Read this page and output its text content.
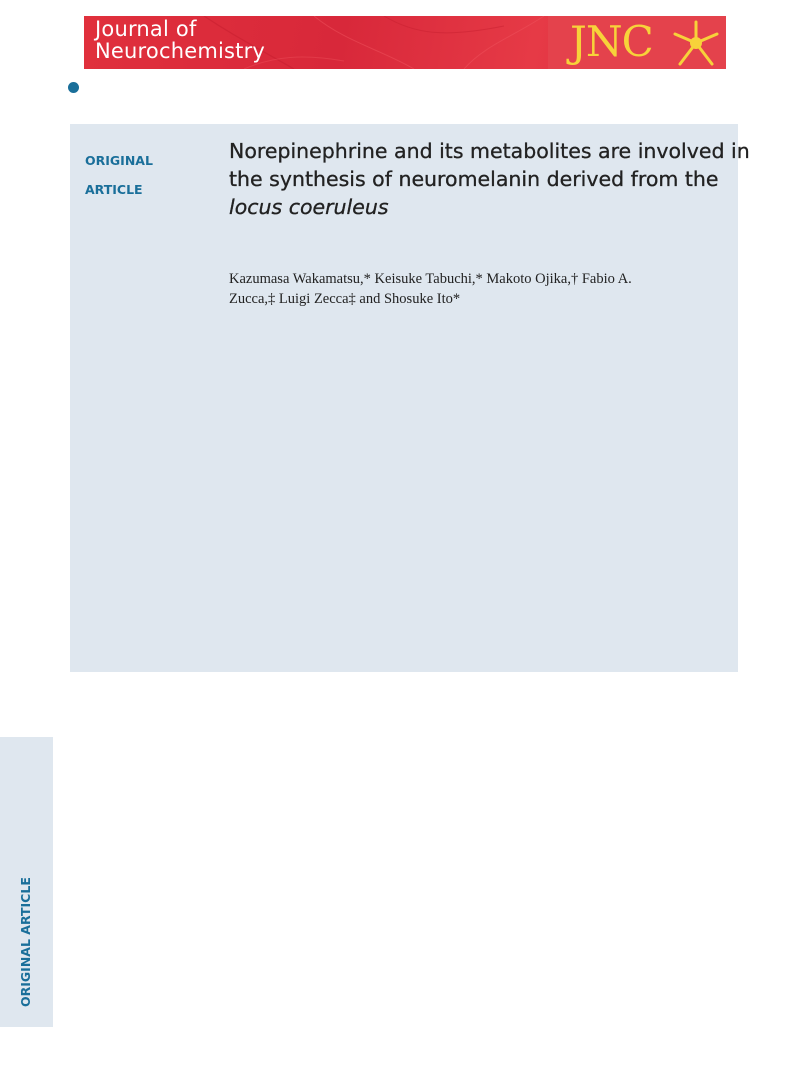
Journal of
Neurochemistry	JNC
ORIGINAL
ARTICLE
Norepinephrine and its metabolites are involved in
the synthesis of neuromelanin derived from the
locus coeruleus
Kazumasa Wakamatsu,* Keisuke Tabuchi,* Makoto Ojika,† Fabio A.
Zucca,‡ Luigi Zecca‡ and Shosuke Ito*
ORIGINAL ARTICLE
